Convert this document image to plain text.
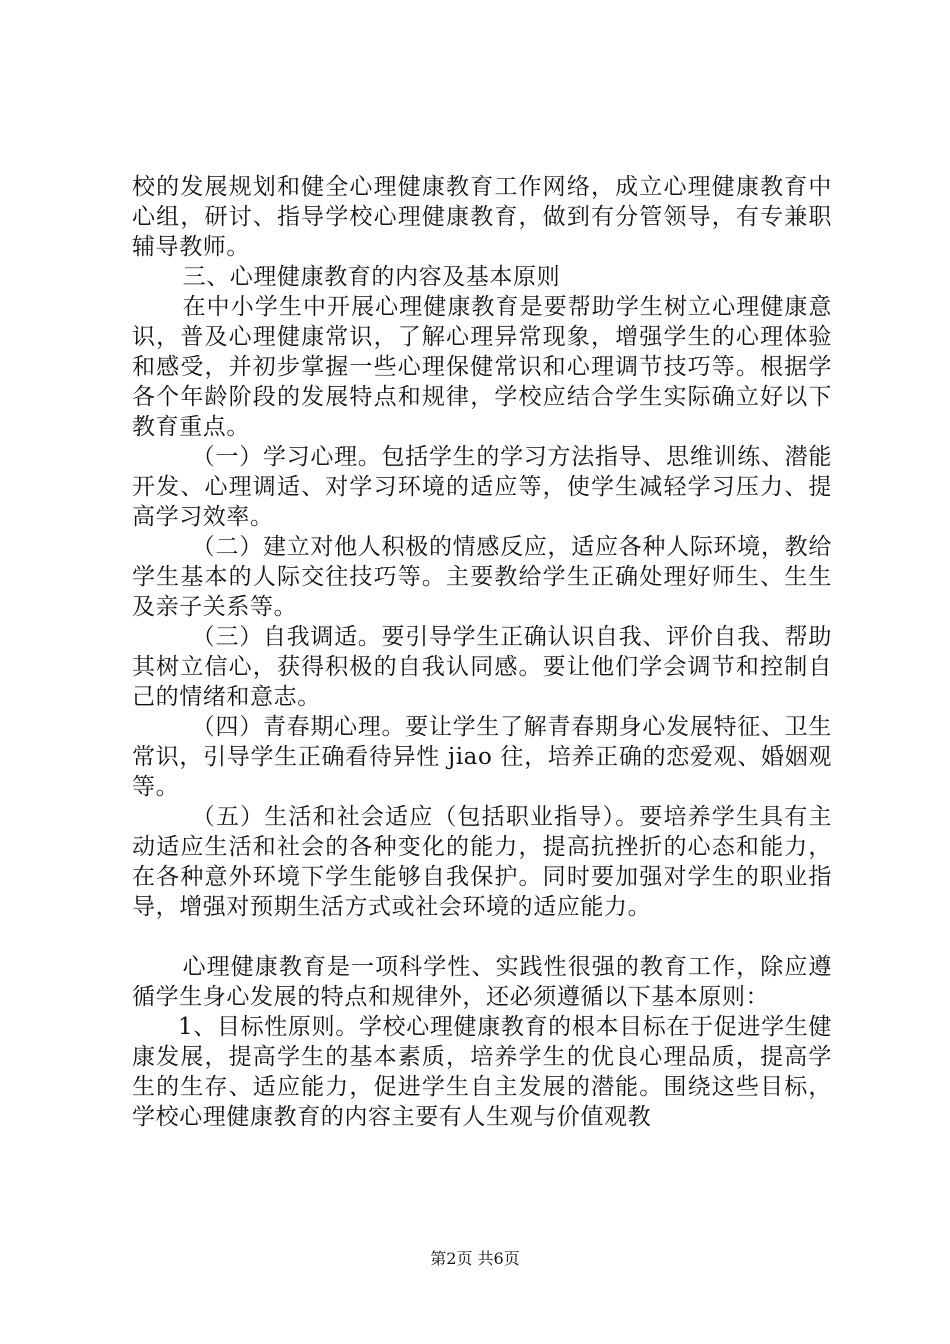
校的发展规划和健全心理健康教育工作网络，成立心理健康教育中心组，研讨、指导学校心理健康教育，做到有分管领导，有专兼职辅导教师。

三、心理健康教育的内容及基本原则

在中小学生中开展心理健康教育是要帮助学生树立心理健康意识，普及心理健康常识，了解心理异常现象，增强学生的心理体验和感受，并初步掌握一些心理保健常识和心理调节技巧等。根据学各个年龄阶段的发展特点和规律，学校应结合学生实际确立好以下教育重点。

（一）学习心理。包括学生的学习方法指导、思维训练、潜能开发、心理调适、对学习环境的适应等，使学生减轻学习压力、提高学习效率。

（二）建立对他人积极的情感反应，适应各种人际环境，教给学生基本的人际交往技巧等。主要教给学生正确处理好师生、生生及亲子关系等。

（三）自我调适。要引导学生正确认识自我、评价自我、帮助其树立信心，获得积极的自我认同感。要让他们学会调节和控制自己的情绪和意志。

（四）青春期心理。要让学生了解青春期身心发展特征、卫生常识，引导学生正确看待异性 jiao 往，培养正确的恋爱观、婚姻观等。

（五）生活和社会适应（包括职业指导）。要培养学生具有主动适应生活和社会的各种变化的能力，提高抗挫折的心态和能力，在各种意外环境下学生能够自我保护。同时要加强对学生的职业指导，增强对预期生活方式或社会环境的适应能力。

心理健康教育是一项科学性、实践性很强的教育工作，除应遵循学生身心发展的特点和规律外，还必须遵循以下基本原则：

1、目标性原则。学校心理健康教育的根本目标在于促进学生健康发展，提高学生的基本素质，培养学生的优良心理品质，提高学生的生存、适应能力，促进学生自主发展的潜能。围绕这些目标，学校心理健康教育的内容主要有人生观与价值观教

第2页 共6页
